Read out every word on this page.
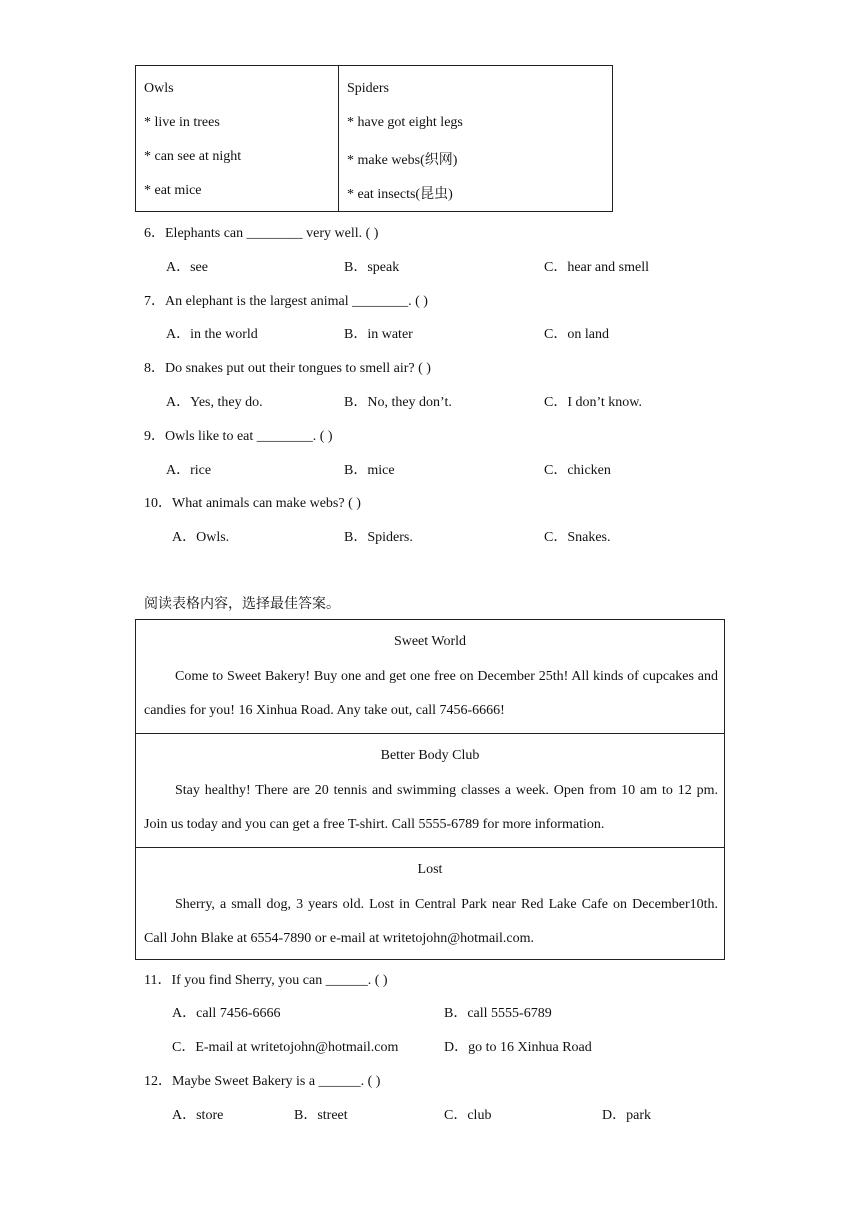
Owls
* live in trees
* can see at night
* eat mice
Spiders
* have got eight legs
* make webs(织网)
* eat insects(昆虫)
6．Elephants can ________ very well. ( )
A．see	B．speak	C．hear and smell
7．An elephant is the largest animal ________. ( )
A．in the world	B．in water	C．on land
8．Do snakes put out their tongues to smell air? ( )
A．Yes, they do.	B．No, they don’t.	C．I don’t know.
9．Owls like to eat ________. ( )
A．rice	B．mice	C．chicken
10．What animals can make webs? ( )
A．Owls.	B．Spiders.	C．Snakes.
阅读表格内容，选择最佳答案。
Sweet World
Come to Sweet Bakery! Buy one and get one free on December 25th! All kinds of cupcakes and candies for you! 16 Xinhua Road. Any take out, call 7456-6666!
Better Body Club
Stay healthy! There are 20 tennis and swimming classes a week. Open from 10 am to 12 pm. Join us today and you can get a free T-shirt. Call 5555-6789 for more information.
Lost
Sherry, a small dog, 3 years old. Lost in Central Park near Red Lake Cafe on December10th. Call John Blake at 6554-7890 or e-mail at writetojohn@hotmail.com.
11．If you find Sherry, you can ______. ( )
A．call 7456-6666	B．call 5555-6789
C．E-mail at writetojohn@hotmail.com	D．go to 16 Xinhua Road
12．Maybe Sweet Bakery is a ______. ( )
A．store	B．street	C．club	D．park
